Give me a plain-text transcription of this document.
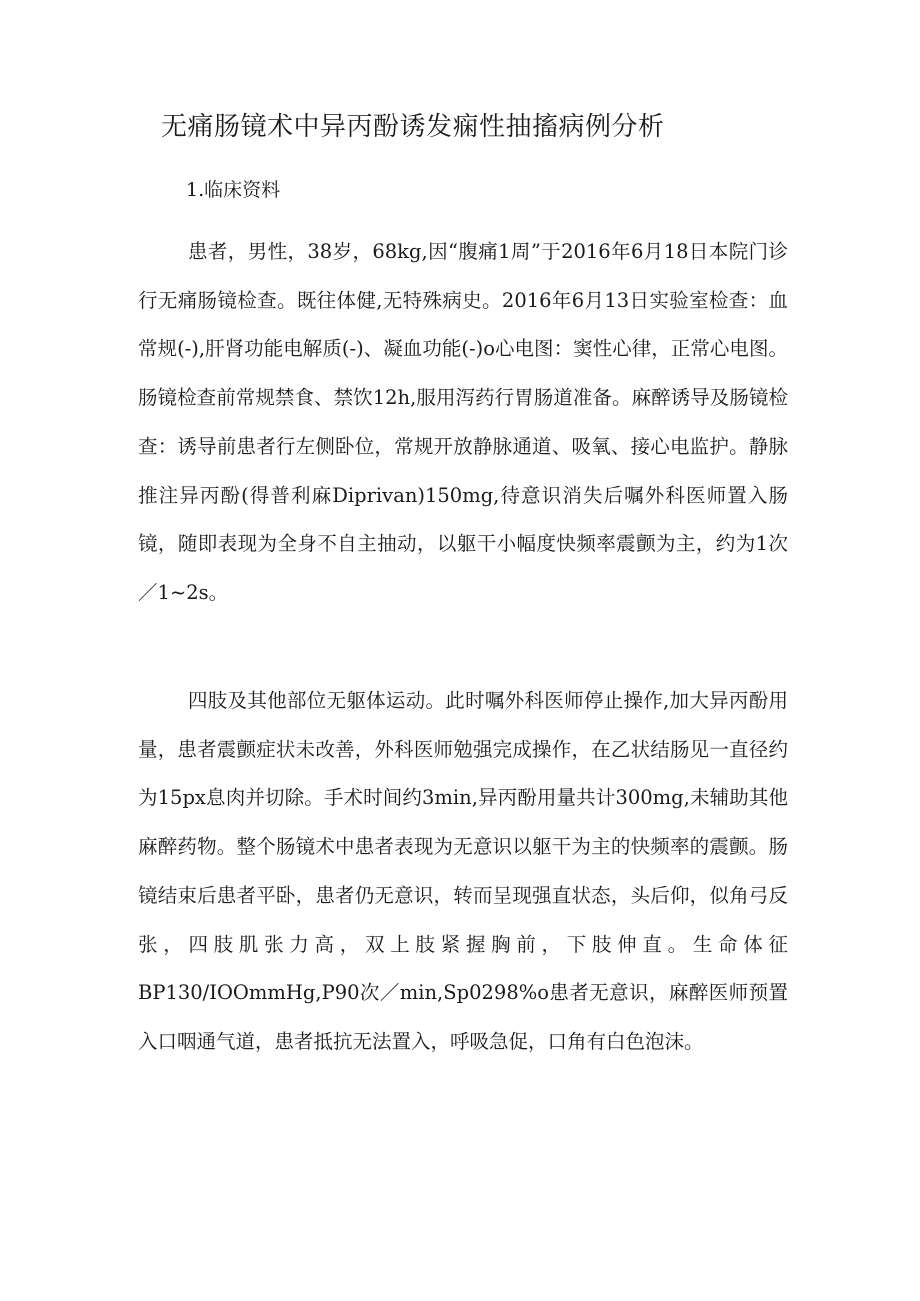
无痛肠镜术中异丙酚诱发痫性抽搐病例分析
1.临床资料

患者，男性，38岁，68kg,因“腹痛1周”于2016年6月18日本院门诊行无痛肠镜检查。既往体健,无特殊病史。2016年6月13日实验室检查：血常规(-),肝肾功能电解质(-)、凝血功能(-)o心电图：窦性心律，正常心电图。肠镜检查前常规禁食、禁饮12h,服用泻药行胃肠道准备。麻醉诱导及肠镜检查：诱导前患者行左侧卧位，常规开放静脉通道、吸氧、接心电监护。静脉推注异丙酚(得普利麻Diprivan)150mg,待意识消失后嘱外科医师置入肠镜，随即表现为全身不自主抽动，以躯干小幅度快频率震颤为主，约为1次／1~2s。

四肢及其他部位无躯体运动。此时嘱外科医师停止操作,加大异丙酚用量，患者震颤症状未改善，外科医师勉强完成操作，在乙状结肠见一直径约为15px息肉并切除。手术时间约3min,异丙酚用量共计300mg,未辅助其他麻醉药物。整个肠镜术中患者表现为无意识以躯干为主的快频率的震颤。肠镜结束后患者平卧，患者仍无意识，转而呈现强直状态，头后仰，似角弓反张，四肢肌张力高，双上肢紧握胸前，下肢伸直。生命体征BP130/IOOmmHg,P90次／min,Sp0298%o患者无意识，麻醉医师预置入口咽通气道，患者抵抗无法置入，呼吸急促，口角有白色泡沫。
